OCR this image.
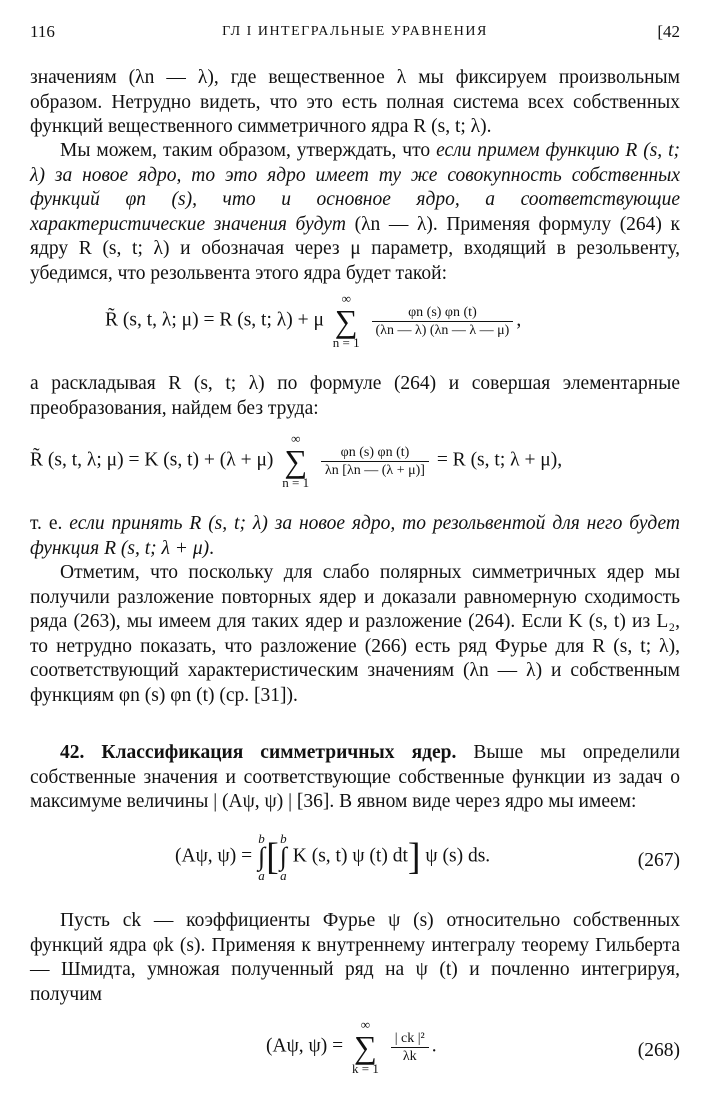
116	ГЛ I ИНТЕГРАЛЬНЫЕ УРАВНЕНИЯ	[42
значениям (λn — λ), где вещественное λ мы фиксируем произвольным образом. Нетрудно видеть, что это есть полная система всех собственных функций вещественного симметричного ядра R (s, t; λ).
Мы можем, таким образом, утверждать, что если примем функцию R (s, t; λ) за новое ядро, то это ядро имеет ту же совокупность собственных функций φn (s), что и основное ядро, а соответствующие характеристические значения будут (λn — λ). Применяя формулу (264) к ядру R (s, t; λ) и обозначая через μ параметр, входящий в резольвенту, убедимся, что резольвента этого ядра будет такой:
R̃ (s, t, λ; μ) = R (s, t; λ) + μ
∞
∑
n = 1

$\frac{\varphi n (s) \varphi n (t)}{(\lambda n — \lambda) (\lambda n — \lambda — \mu)}$ ,
а раскладывая R (s, t; λ) по формуле (264) и совершая элементарные преобразования, найдем без труда:
R̃ (s, t, λ; μ) = K (s, t) + (λ + μ)
∞
∑
n = 1

$\frac{\varphi n (s) \varphi n (t)}{\lambda n [\lambda n — (\lambda + \mu)]} = R$ (s, t; λ + μ),
т. е. если принять R (s, t; λ) за новое ядро, то резольвентой для него будет функция R (s, t; λ + μ).
Отметим, что поскольку для слабо полярных симметричных ядер мы получили разложение повторных ядер и доказали равномерную сходимость ряда (263), мы имеем для таких ядер и разложение (264). Если K (s, t) из L₂, то нетрудно показать, что разложение (266) есть ряд Фурье для R (s, t; λ), соответствующий характеристическим значениям (λn — λ) и собственным функциям φn (s) φn (t) (ср. [31]).
42. Классификация симметричных ядер. Выше мы определили собственные значения и соответствующие собственные функции из задач о максимуме величины | (Aψ, ψ) | [36]. В явном виде через ядро мы имеем:
(Aψ, ψ) =
b
∫
a [ b
∫
a
K (s, t) ψ (t) dt] ψ (s) ds.	(267)
Пусть ck — коэффициенты Фурье ψ (s) относительно собственных функций ядра φk (s). Применяя к внутреннему интегралу теорему Гильберта — Шмидта, умножая полученный ряд на ψ (t) и почленно интегрируя, получим
(Aψ, ψ) =
∞
∑
k = 1

$\frac{\text{| ck |²}}{\lambda k}$ .	(268)
